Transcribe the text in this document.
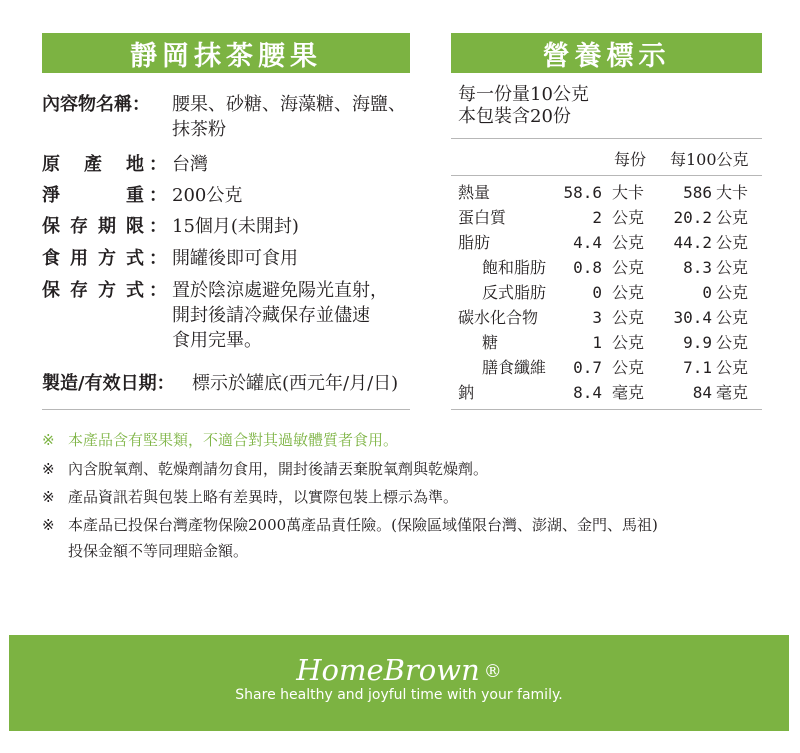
靜岡抹茶腰果	營養標示
內容物名稱： 腰果、砂糖、海藻糖、海鹽、
抹茶粉
原 產 地 ： 台灣
淨	重 ： 200公克
保 存 期 限 ： 15個月(未開封)
食 用 方 式 ： 開罐後即可食用
保 存 方 式 ： 置於陰涼處避免陽光直射，
開封後請冷藏保存並儘速
食用完畢。
製造/有效日期： 標示於罐底(西元年/月/日)
每一份量10公克
本包裝含20份
每份 每100公克
熱量	58.6 大卡 586 大卡
蛋白質	2 公克 20.2 公克
脂肪	4.4 公克 44.2 公克
飽和脂肪 0.8 公克 8.3 公克
反式脂肪	0 公克	0 公克
碳水化合物	3 公克 30.4 公克
糖	1 公克 9.9 公克
膳食纖維 0.7 公克 7.1 公克
鈉	8.4 毫克	84 毫克
※ 本產品含有堅果類，不適合對其過敏體質者食用。
※ 內含脫氧劑、乾燥劑請勿食用，開封後請丟棄脫氧劑與乾燥劑。
※ 產品資訊若與包裝上略有差異時，以實際包裝上標示為準。
※ 本產品已投保台灣產物保險2000萬產品責任險。(保險區域僅限台灣、澎湖、金門、馬祖)
投保金額不等同理賠金額。
HomeBrown ®
Share healthy and joyful time with your family.
